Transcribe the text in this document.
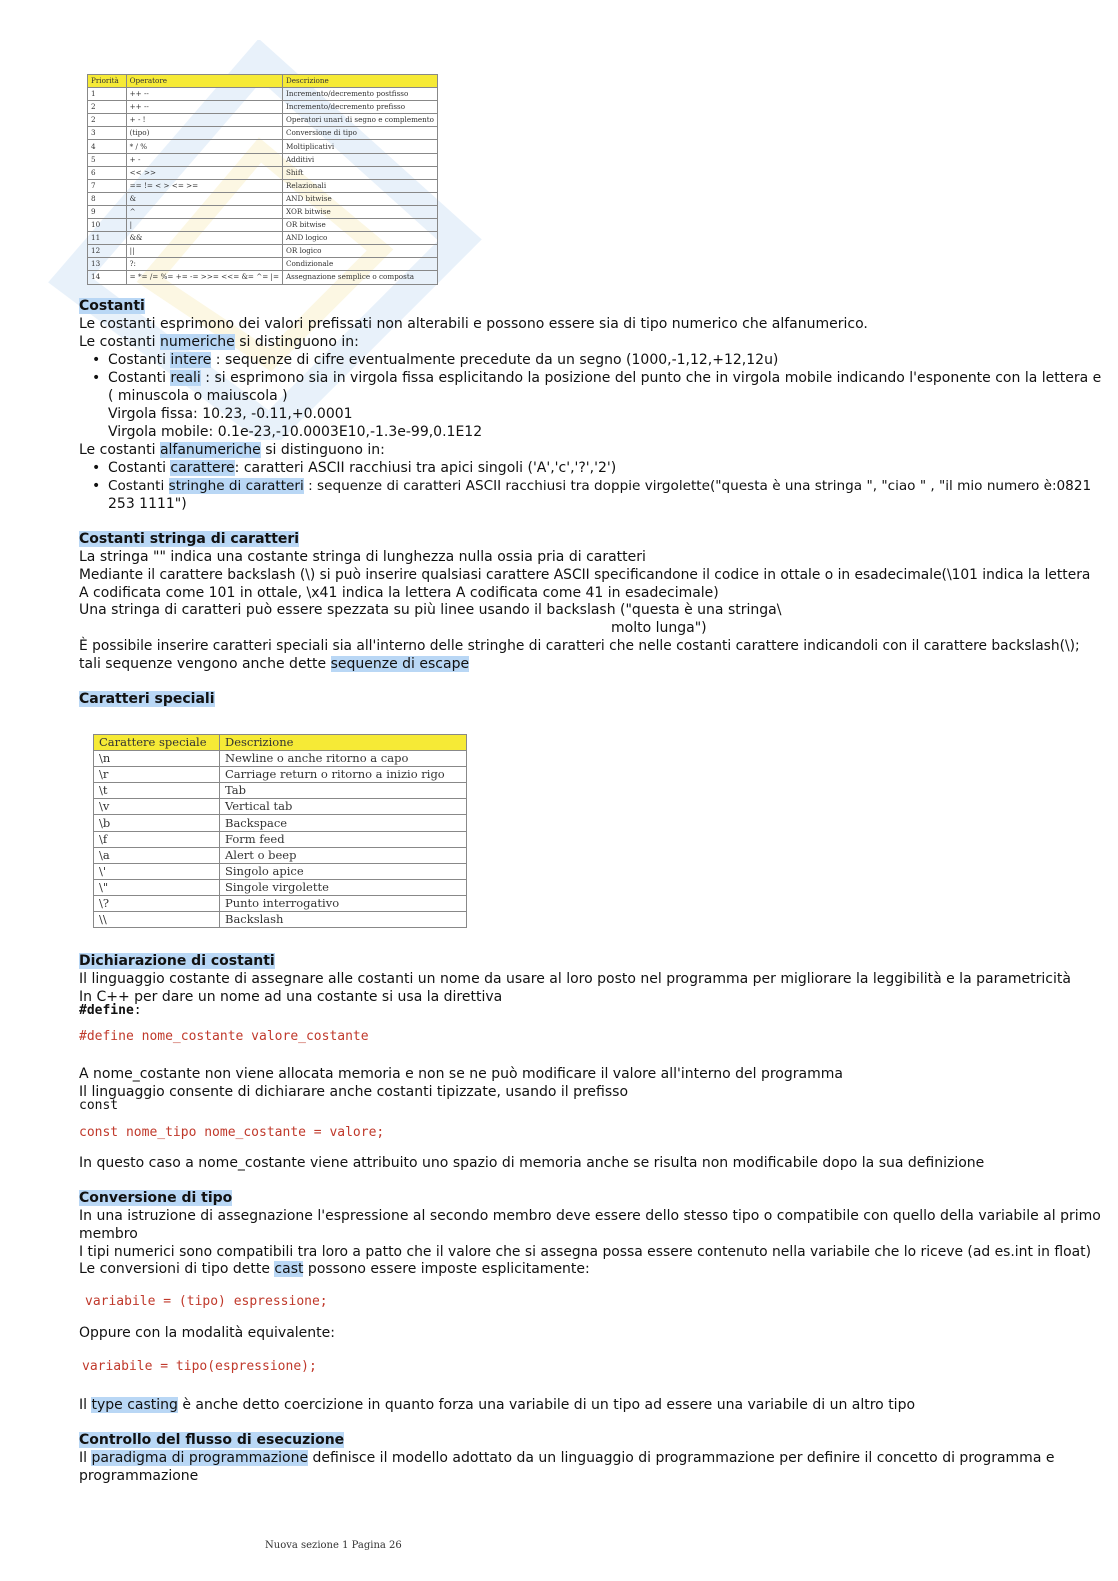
Priorità	Operatore	Descrizione
1	++ --	Incremento/decremento postfisso
2	++ --	Incremento/decremento prefisso
2	+ - !	Operatori unari di segno e complemento
3	(tipo)	Conversione di tipo
4	* / %	Moltiplicativi
5	+ -	Additivi
6	<< >>	Shift
7	== != < > <= >=	Relazionali
8	&	AND bitwise
9	^	XOR bitwise
10	|	OR bitwise
11	&&	AND logico
12	||	OR logico
13	?:	Condizionale
14	= *= /= %= += -= >>= <<= &= ^= |=	Assegnazione semplice o composta
Costanti
Le costanti esprimono dei valori prefissati non alterabili e possono essere sia di tipo numerico che alfanumerico.
Le costanti numeriche si distinguono in:
• Costanti intere : sequenze di cifre eventualmente precedute da un segno (1000,-1,12,+12,12u)
• Costanti reali : si esprimono sia in virgola fissa esplicitando la posizione del punto che in virgola mobile indicando l'esponente con la lettera e
( minuscola o maiuscola )
Virgola fissa: 10.23, -0.11,+0.0001
Virgola mobile: 0.1e-23,-10.0003E10,-1.3e-99,0.1E12
Le costanti alfanumeriche si distinguono in:
• Costanti carattere: caratteri ASCII racchiusi tra apici singoli ('A','c','?','2')
• Costanti stringhe di caratteri : sequenze di caratteri ASCII racchiusi tra doppie virgolette("questa è una stringa ", "ciao " , "il mio numero è:0821
253 1111")
Costanti stringa di caratteri
La stringa "" indica una costante stringa di lunghezza nulla ossia pria di caratteri
Mediante il carattere backslash (\) si può inserire qualsiasi carattere ASCII specificandone il codice in ottale o in esadecimale(\101 indica la lettera
A codificata come 101 in ottale, \x41 indica la lettera A codificata come 41 in esadecimale)
Una stringa di caratteri può essere spezzata su più linee usando il backslash ("questa è una stringa\
molto lunga")
È possibile inserire caratteri speciali sia all'interno delle stringhe di caratteri che nelle costanti carattere indicandoli con il carattere backslash(\);
tali sequenze vengono anche dette sequenze di escape
Caratteri speciali
Carattere speciale	Descrizione
\n	Newline o anche ritorno a capo
\r	Carriage return o ritorno a inizio rigo
\t	Tab
\v	Vertical tab
\b	Backspace
\f	Form feed
\a	Alert o beep
\'	Singolo apice
\"	Singole virgolette
\?	Punto interrogativo
\\	Backslash
Dichiarazione di costanti
Il linguaggio costante di assegnare alle costanti un nome da usare al loro posto nel programma per migliorare la leggibilità e la parametricità
In C++ per dare un nome ad una costante si usa la direttiva
#define:
#define nome_costante valore_costante
A nome_costante non viene allocata memoria e non se ne può modificare il valore all'interno del programma
Il linguaggio consente di dichiarare anche costanti tipizzate, usando il prefisso
const
const nome_tipo nome_costante = valore;
In questo caso a nome_costante viene attribuito uno spazio di memoria anche se risulta non modificabile dopo la sua definizione
Conversione di tipo
In una istruzione di assegnazione l'espressione al secondo membro deve essere dello stesso tipo o compatibile con quello della variabile al primo
membro
I tipi numerici sono compatibili tra loro a patto che il valore che si assegna possa essere contenuto nella variabile che lo riceve (ad es.int in float)
Le conversioni di tipo dette cast possono essere imposte esplicitamente:
variabile = (tipo) espressione;
Oppure con la modalità equivalente:
variabile = tipo(espressione);
Il type casting è anche detto coercizione in quanto forza una variabile di un tipo ad essere una variabile di un altro tipo
Controllo del flusso di esecuzione
Il paradigma di programmazione definisce il modello adottato da un linguaggio di programmazione per definire il concetto di programma e
programmazione
Nuova sezione 1 Pagina 26
